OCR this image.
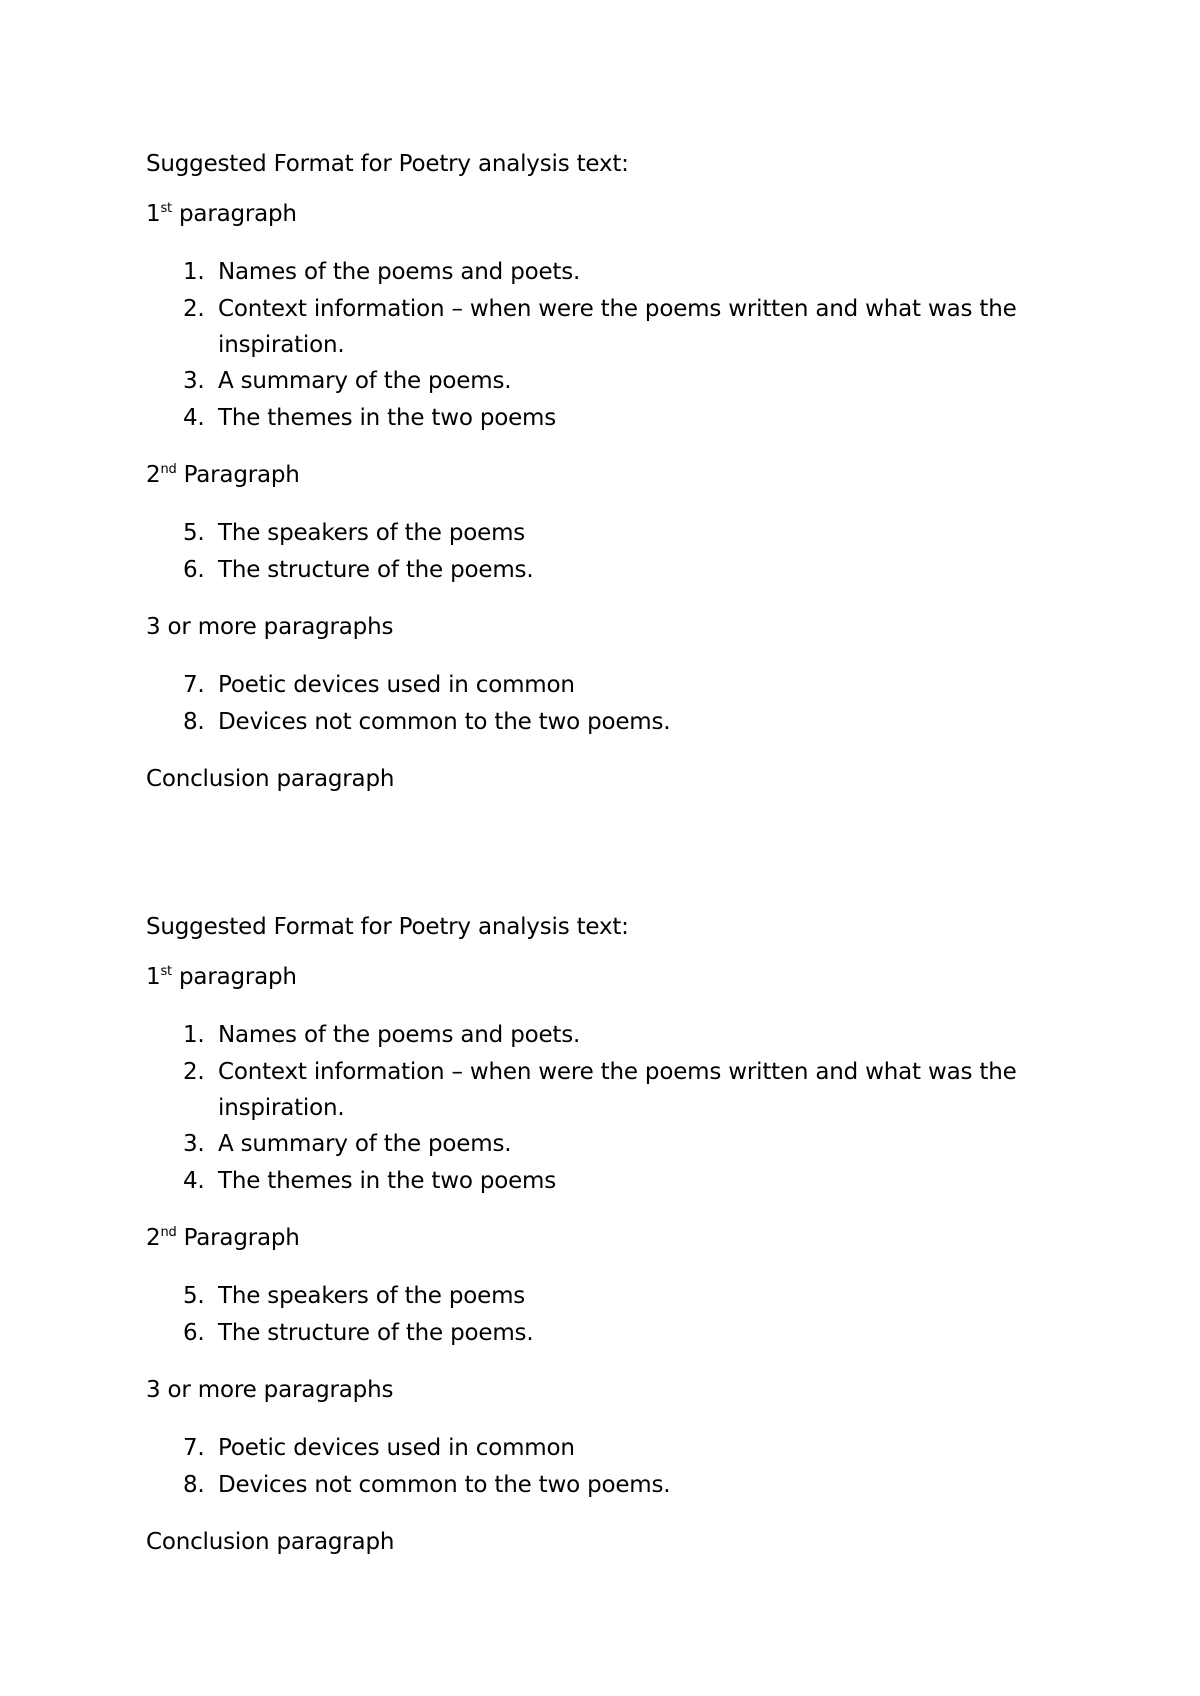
Suggested Format for Poetry analysis text:

1st paragraph

1. Names of the poems and poets.
2. Context information – when were the poems written and what was the
inspiration.
3. A summary of the poems.
4. The themes in the two poems

2nd Paragraph

5. The speakers of the poems
6. The structure of the poems.

3 or more paragraphs

7. Poetic devices used in common
8. Devices not common to the two poems.

Conclusion paragraph

Suggested Format for Poetry analysis text:

1st paragraph

1. Names of the poems and poets.
2. Context information – when were the poems written and what was the
inspiration.
3. A summary of the poems.
4. The themes in the two poems

2nd Paragraph

5. The speakers of the poems
6. The structure of the poems.

3 or more paragraphs

7. Poetic devices used in common
8. Devices not common to the two poems.

Conclusion paragraph
